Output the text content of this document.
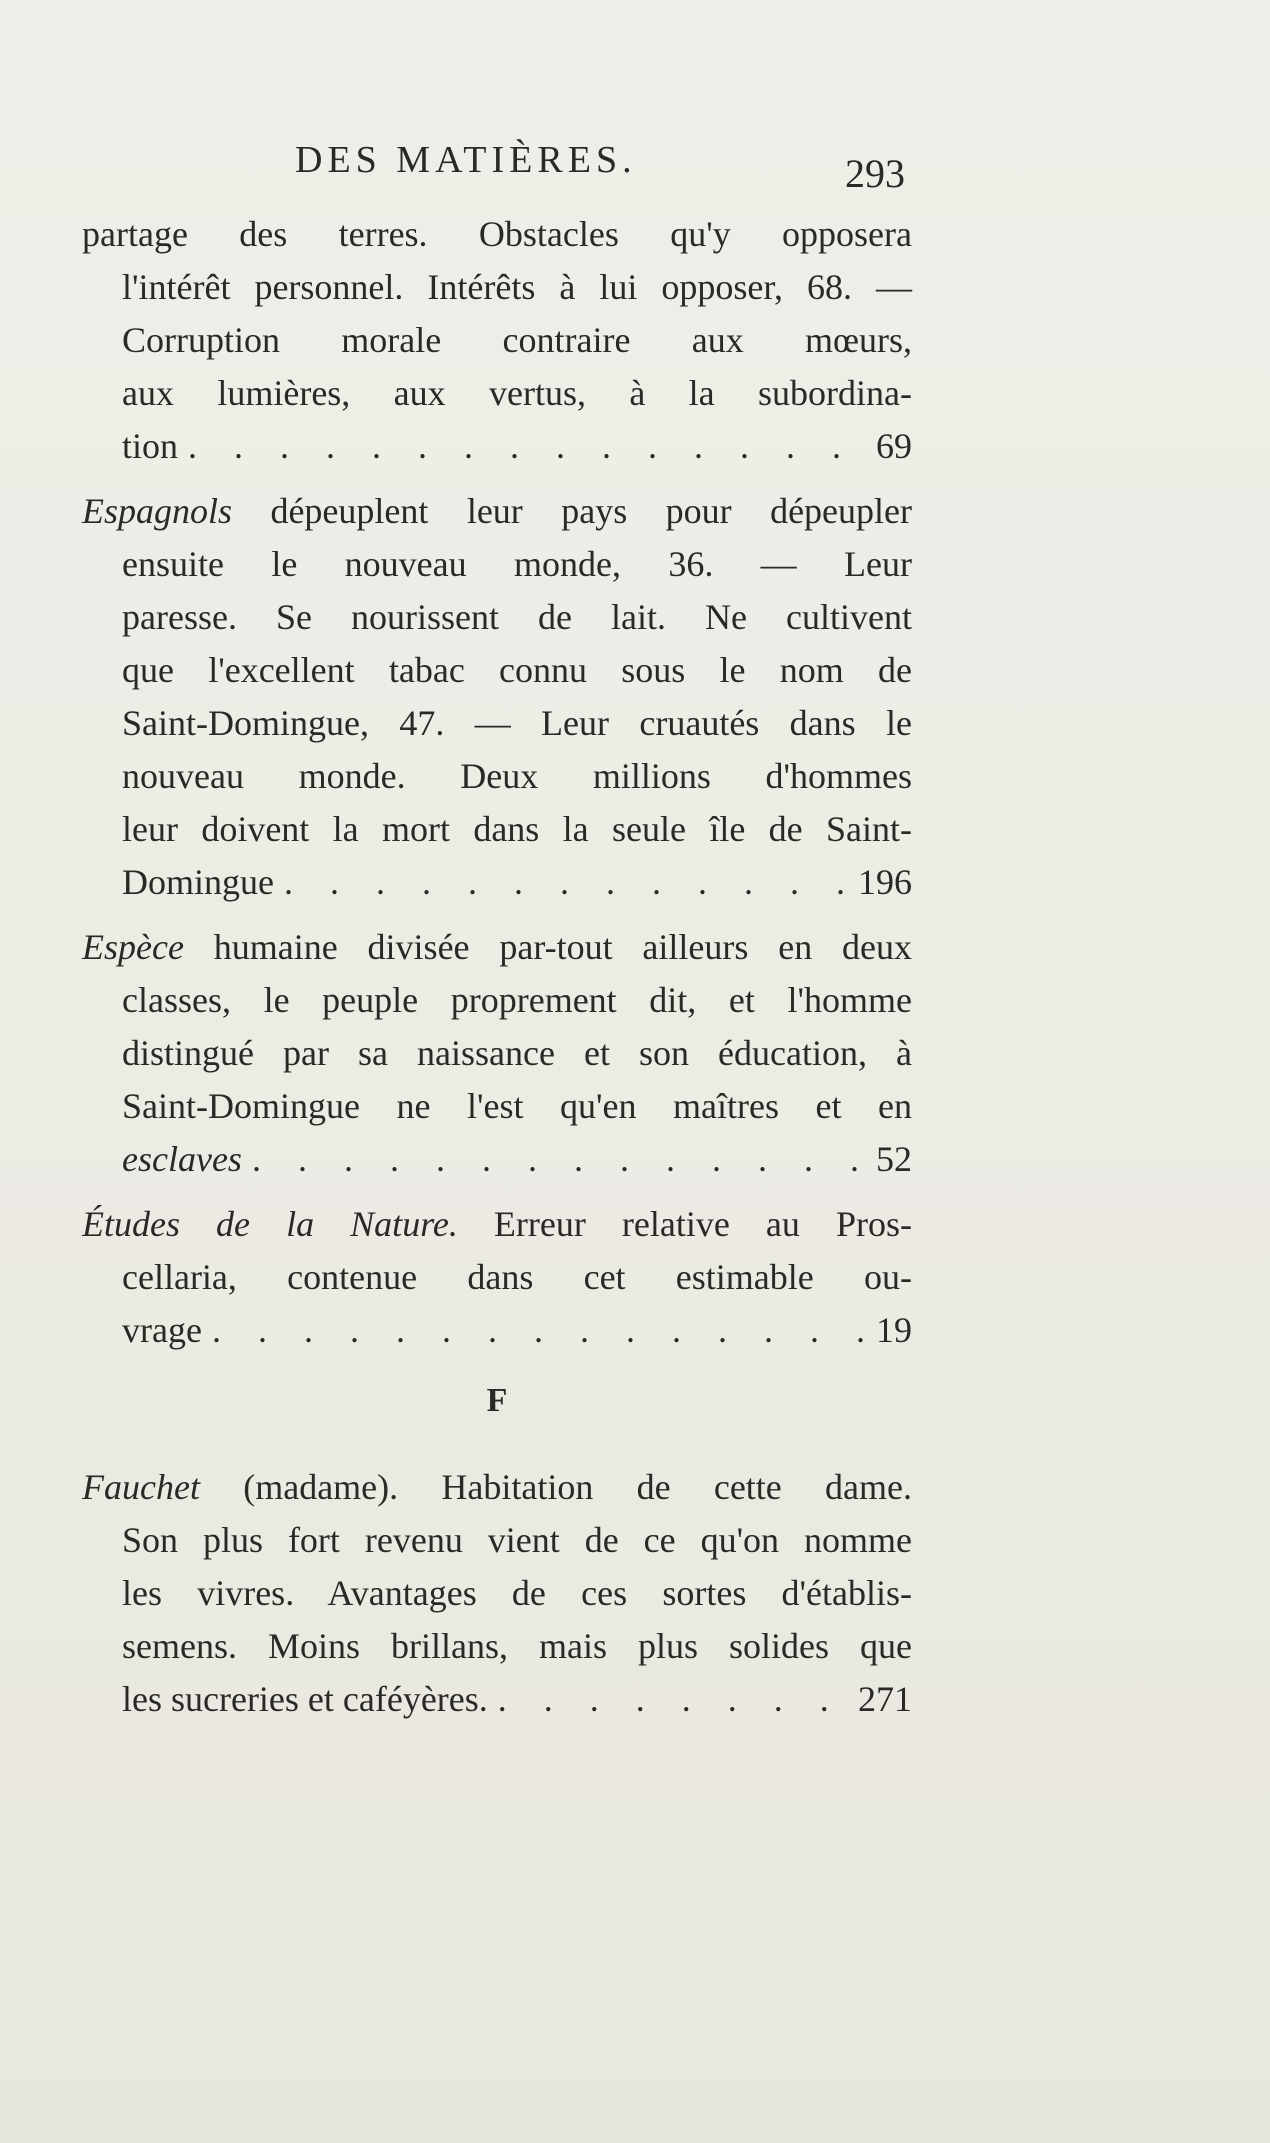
DES MATIÈRES.	293
partage des terres. Obstacles qu'y opposera
l'intérêt personnel. Intérêts à lui opposer, 68. —
Corruption morale contraire aux mœurs,
aux lumières, aux vertus, à la subordina-
tion . . .	69
Espagnols dépeuplent leur pays pour dépeupler
ensuite le nouveau monde, 36. — Leur
paresse. Se nourissent de lait. Ne cultivent
que l'excellent tabac connu sous le nom de
Saint-Domingue, 47. — Leur cruautés dans le
nouveau monde. Deux millions d'hommes
leur doivent la mort dans la seule île de Saint-
Domingue . . .	196
Espèce humaine divisée par-tout ailleurs en deux
classes, le peuple proprement dit, et l'homme
distingué par sa naissance et son éducation, à
Saint-Domingue ne l'est qu'en maîtres et en
esclaves . . .	52
Études de la Nature. Erreur relative au Pros-
cellaria, contenue dans cet estimable ou-
vrage . . .	19
F
Fauchet (madame). Habitation de cette dame.
Son plus fort revenu vient de ce qu'on nomme
les vivres. Avantages de ces sortes d'établis-
semens. Moins brillans, mais plus solides que
les sucreries et caféyères. . . .	271
